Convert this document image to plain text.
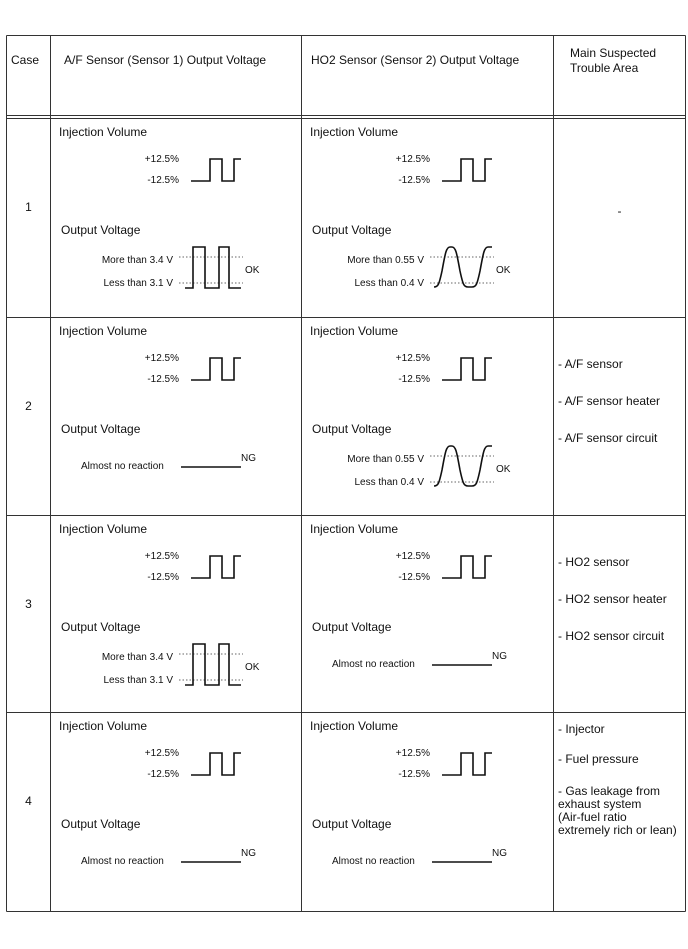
Case A/F Sensor (Sensor 1) Output Voltage	HO2 Sensor (Sensor 2) Output Voltage	Main Suspected
Trouble Area
1
Injection Volume
+12.5%
-12.5%
Output Voltage
More than 3.4 V
Less than 3.1 V
OK
Injection Volume
+12.5%
-12.5%
Output Voltage
More than 0.55 V
Less than 0.4 V
OK
-
2
Injection Volume
+12.5%
-12.5%
Output Voltage
Almost no reaction
NG
Injection Volume
+12.5%
-12.5%
Output Voltage
More than 0.55 V
Less than 0.4 V
OK
- A/F sensor
- A/F sensor heater
- A/F sensor circuit
3
Injection Volume
+12.5%
-12.5%
Output Voltage
More than 3.4 V
Less than 3.1 V
OK
Injection Volume
+12.5%
-12.5%
Output Voltage
Almost no reaction
NG
- HO2 sensor
- HO2 sensor heater
- HO2 sensor circuit
4
Injection Volume
+12.5%
-12.5%
Output Voltage
Almost no reaction
NG
Injection Volume
+12.5%
-12.5%
Output Voltage
Almost no reaction
NG
- Injector
- Fuel pressure
- Gas leakage from
exhaust system
(Air-fuel ratio
extremely rich or lean)
